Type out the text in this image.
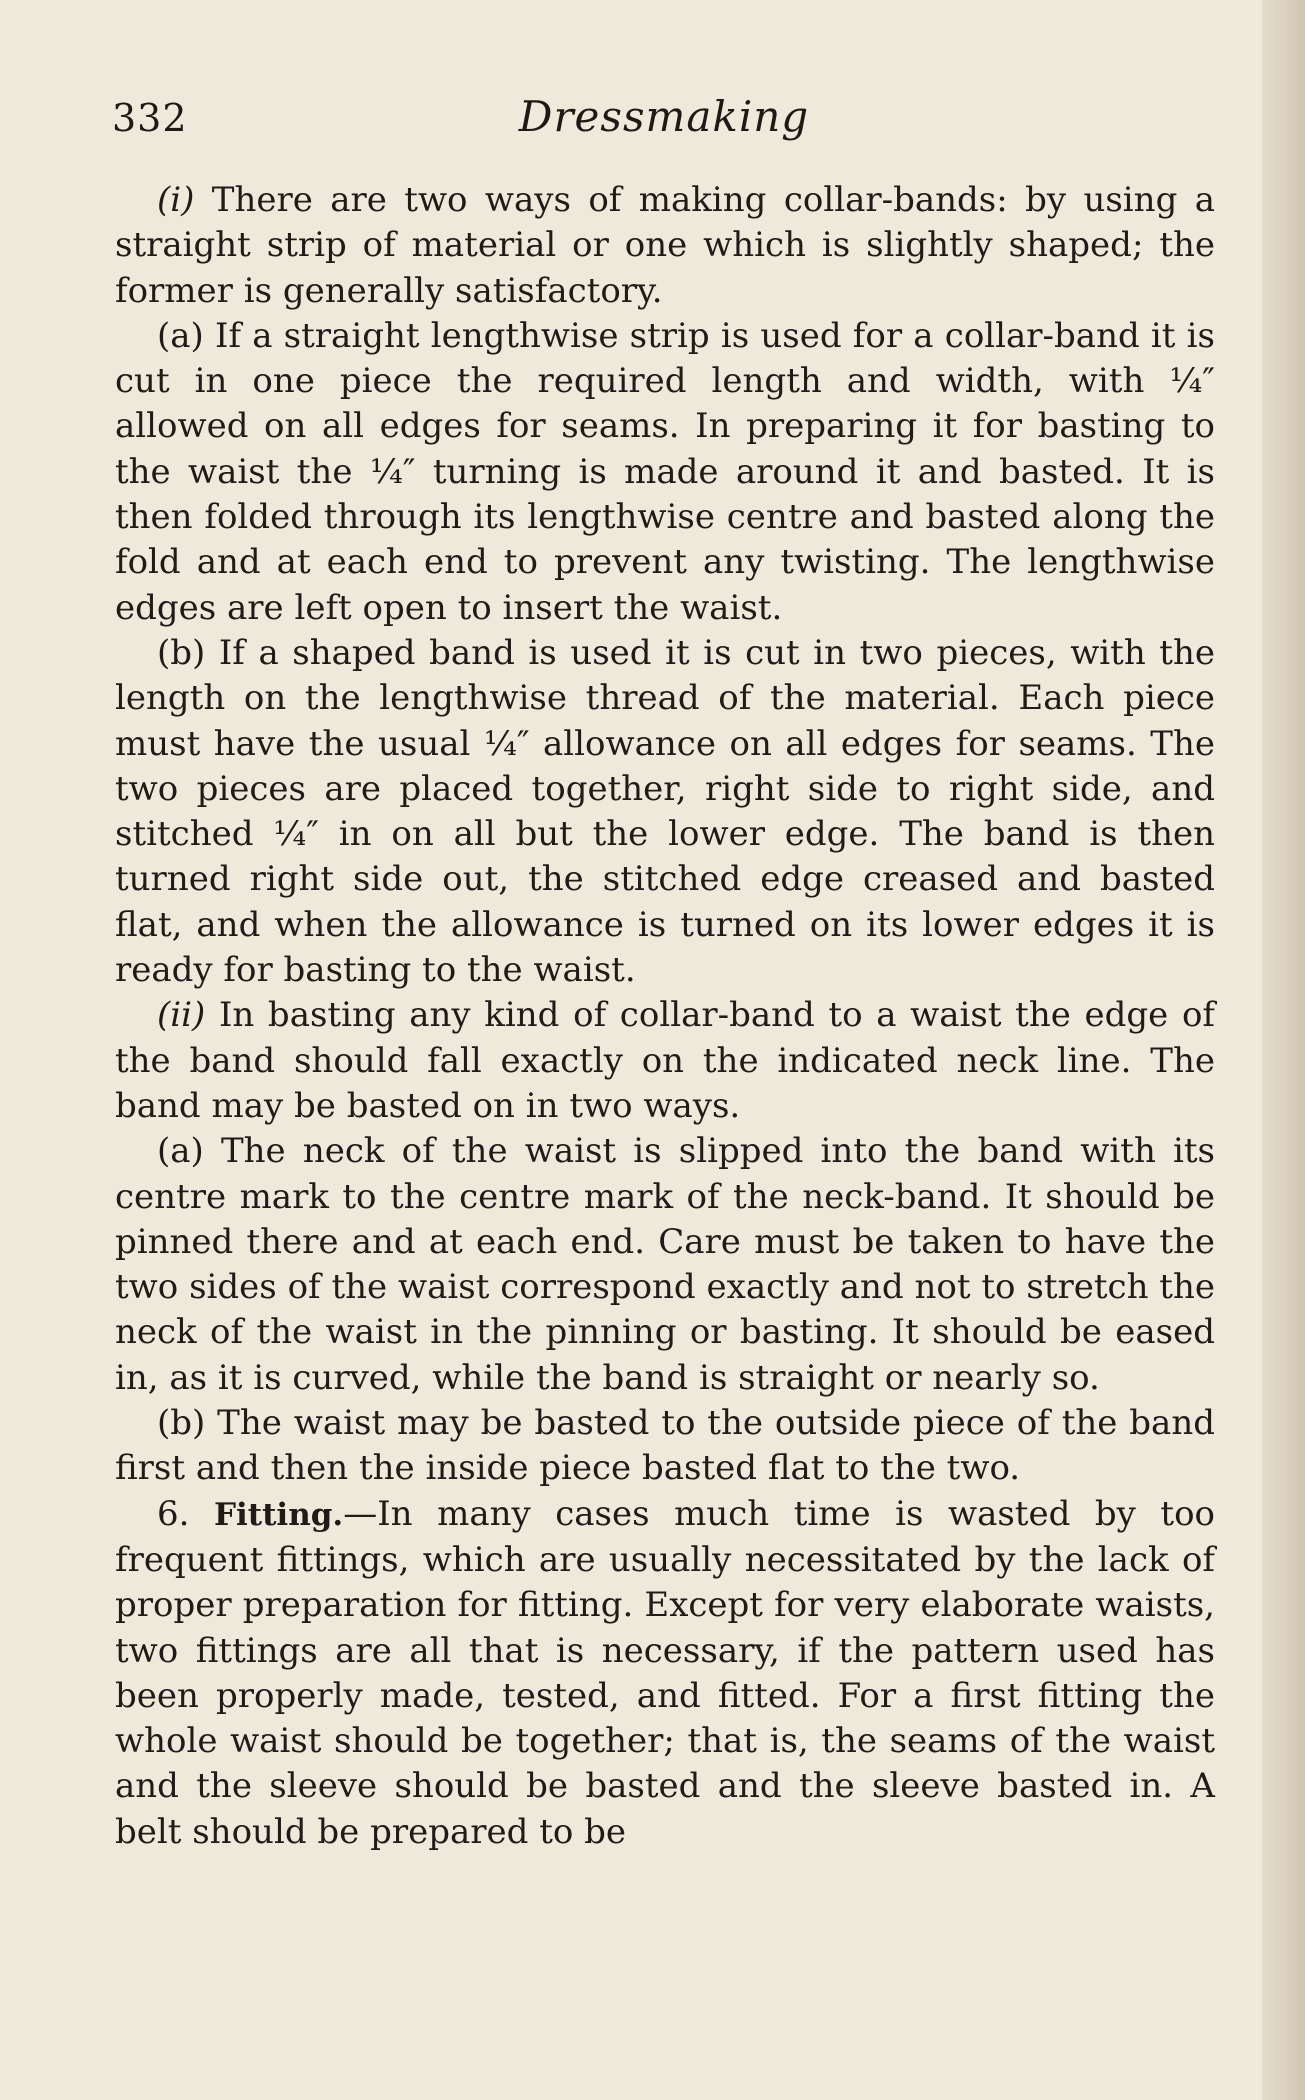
332	Dressmaking

(i) There are two ways of making collar-bands: by using a straight strip of material or one which is slightly shaped; the former is generally satisfactory.

(a) If a straight lengthwise strip is used for a collar-band it is cut in one piece the required length and width, with ¼″ allowed on all edges for seams. In preparing it for basting to the waist the ¼″ turning is made around it and basted. It is then folded through its lengthwise centre and basted along the fold and at each end to prevent any twisting. The lengthwise edges are left open to insert the waist.

(b) If a shaped band is used it is cut in two pieces, with the length on the lengthwise thread of the material. Each piece must have the usual ¼″ allowance on all edges for seams. The two pieces are placed together, right side to right side, and stitched ¼″ in on all but the lower edge. The band is then turned right side out, the stitched edge creased and basted flat, and when the allowance is turned on its lower edges it is ready for basting to the waist.

(ii) In basting any kind of collar-band to a waist the edge of the band should fall exactly on the indicated neck line. The band may be basted on in two ways.

(a) The neck of the waist is slipped into the band with its centre mark to the centre mark of the neck-band. It should be pinned there and at each end. Care must be taken to have the two sides of the waist correspond exactly and not to stretch the neck of the waist in the pinning or basting. It should be eased in, as it is curved, while the band is straight or nearly so.

(b) The waist may be basted to the outside piece of the band first and then the inside piece basted flat to the two.

6. Fitting.—In many cases much time is wasted by too frequent fittings, which are usually necessitated by the lack of proper preparation for fitting. Except for very elaborate waists, two fittings are all that is necessary, if the pattern used has been properly made, tested, and fitted. For a first fitting the whole waist should be together; that is, the seams of the waist and the sleeve should be basted and the sleeve basted in. A belt should be prepared to be
